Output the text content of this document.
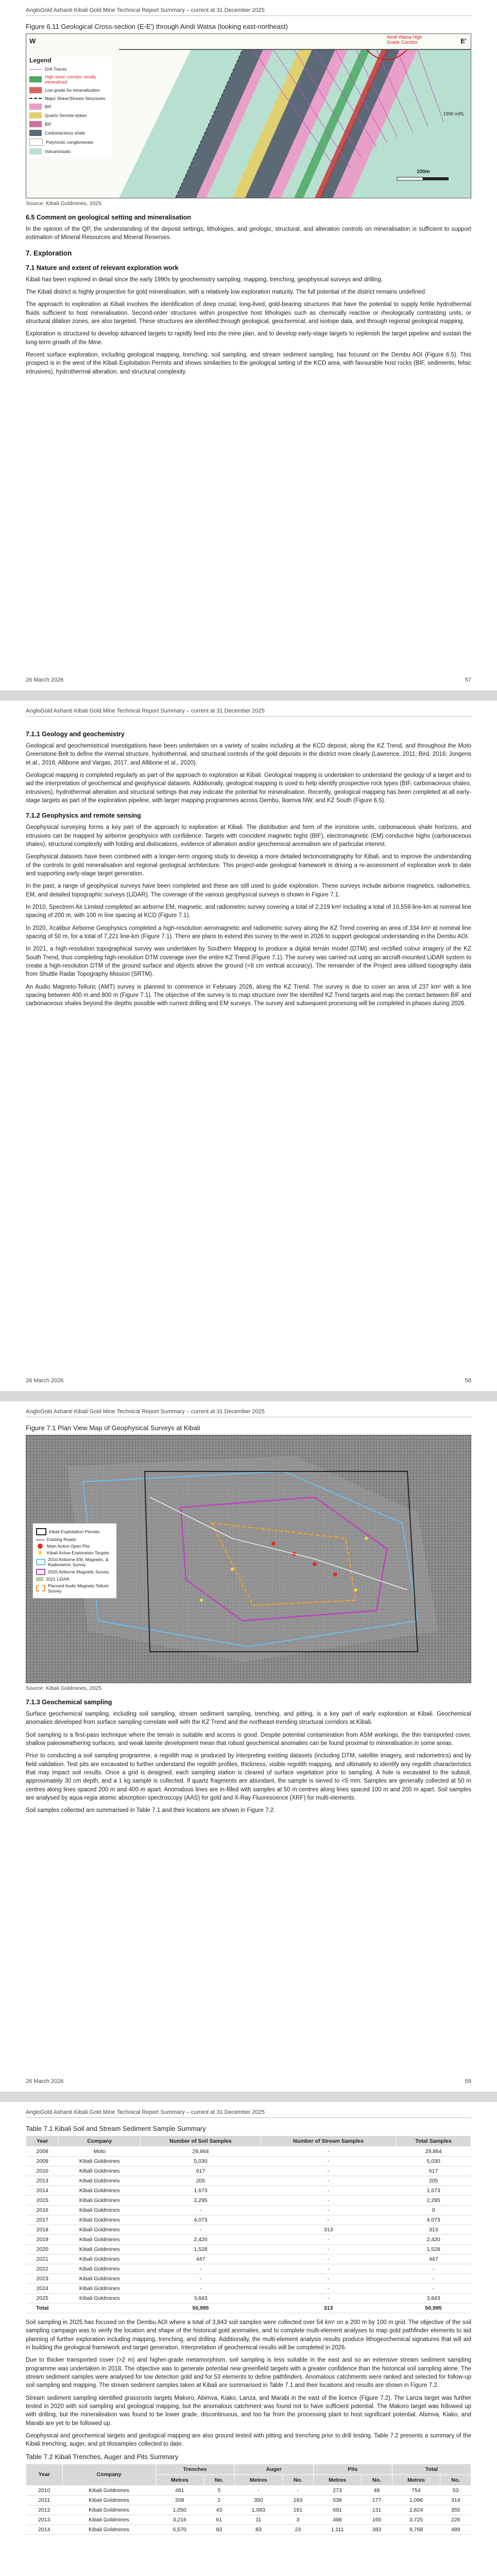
AngloGold Ashanti Kibali Gold Mine Technical Report Summary – current at 31 December 2025
Figure 6.11 Geological Cross-section (E-E') through Aindi Watsa (looking east-northeast)
W	E'
Aindi Watsa High Grade Corridor
1990 mRL
100m
Legend
Drill Traces
High strain corridor, locally mineralized
Low grade Au mineralization
Major Shear/Stream Structures
BIF
Quartz-Sericite dykes
BIF
Carbonaceous shale
Polymictic conglomerate
Volcaniclastic
Source: Kibali Goldmines, 2025
6.5 Comment on geological setting and mineralisation

In the opinion of the QP, the understanding of the deposit settings, lithologies, and geologic, structural, and alteration controls on mineralisation is sufficient to support estimation of Mineral Resources and Mineral Reserves.

7. Exploration
7.1 Nature and extent of relevant exploration work

Kibali has been explored in detail since the early 1990s by geochemistry sampling, mapping, trenching, geophysical surveys and drilling.

The Kibali district is highly prospective for gold mineralisation, with a relatively low exploration maturity. The full potential of the district remains undefined.

The approach to exploration at Kibali involves the identification of deep crustal, long-lived, gold-bearing structures that have the potential to supply fertile hydrothermal fluids sufficient to host mineralisation. Second-order structures within prospective host lithologies such as chemically reactive or rheologically contrasting units, or structural dilation zones, are also targeted. These structures are identified through geological, geochemical, and isotope data, and through regional geological mapping.

Exploration is structured to develop advanced targets to rapidly feed into the mine plan, and to develop early-stage targets to replenish the target pipeline and sustain the long-term growth of the Mine.

Recent surface exploration, including geological mapping, trenching, soil sampling, and stream sediment sampling, has focused on the Dembu AOI (Figure 6.5). This prospect is in the west of the Kibali Exploitation Permits and shows similarities to the geological setting of the KCD area, with favourable host rocks (BIF, sediments, felsic intrusives), hydrothermal alteration, and structural complexity.

26 March 2026	57
AngloGold Ashanti Kibali Gold Mine Technical Report Summary – current at 31 December 2025
7.1.1 Geology and geochemistry

Geological and geochemistrical investigations have been undertaken on a variety of scales including at the KCD deposit, along the KZ Trend, and throughout the Moto Greenstone Belt to define the internal structure, hydrothermal, and structural controls of the gold deposits in the district more clearly (Lawrence, 2011; Bird, 2016; Jongens et al., 2016; Allibone and Vargas, 2017, and Allibone et al., 2020).

Geological mapping is completed regularly as part of the approach to exploration at Kibali. Geological mapping is undertaken to understand the geology of a target and to aid the interpretation of geochemical and geophysical datasets. Additionally, geological mapping is used to help identify prospective rock types (BIF, carbonaceous shales, intrusives), hydrothermal alteration and structural settings that may indicate the potential for mineralisation. Recently, geological mapping has been completed at all early-stage targets as part of the exploration pipeline, with larger mapping programmes across Dembu, Ikamva NW, and KZ South (Figure 6.5).

7.1.2 Geophysics and remote sensing

Geophysical surveying forms a key part of the approach to exploration at Kibali. The distribution and form of the ironstone units, carbonaceous shale horizons, and intrusives can be mapped by airborne geophysics with confidence. Targets with coincident magnetic highs (BIF), electromagnetic (EM) conductive highs (carbonaceous shales), structural complexity with folding and dislocations, evidence of alteration and/or geochemical anomalism are of particular interest.

Geophysical datasets have been combined with a longer-term ongoing study to develop a more detailed tectonostratigraphy for Kibali, and to improve the understanding of the controls to gold mineralisation and regional geological architecture. This project-wide geological framework is driving a re-assessment of exploration work to date and supporting early-stage target generation.

In the past, a range of geophysical surveys have been completed and these are still used to guide exploration. These surveys include airborne magnetics, radiometrics, EM, and detailed topographic surveys (LiDAR). The coverage of the various geophysical surveys is shown in Figure 7.1.

In 2010, Spectrem Air Limited completed an airborne EM, magnetic, and radiometric survey covering a total of 2,219 km² including a total of 10,559 line-km at nominal line spacing of 200 m, with 100 m line spacing at KCD (Figure 7.1).

In 2020, Xcalibur Airborne Geophysics completed a high-resolution aeromagnetic and radiometric survey along the KZ Trend covering an area of 334 km² at nominal line spacing of 50 m, for a total of 7,221 line-km (Figure 7.1). There are plans to extend this survey to the west in 2026 to support geological understanding in the Dembu AOI.

In 2021, a high-resolution topographical survey was undertaken by Southern Mapping to produce a digital terrain model (DTM) and rectified colour imagery of the KZ South Trend, thus completing high-resolution DTM coverage over the entire KZ Trend (Figure 7.1). The survey was carried out using an aircraft-mounted LiDAR system to create a high-resolution DTM of the ground surface and objects above the ground (<6 cm vertical accuracy). The remainder of the Project area utilised topography data from Shuttle Radar Topography Mission (SRTM).

An Audio Magneto-Telluric (AMT) survey is planned to commence in February 2026, along the KZ Trend. The survey is due to cover an area of 237 km² with a line spacing between 400 m and 800 m (Figure 7.1). The objective of the survey is to map structure over the identified KZ Trend targets and map the contact between BIF and carbonaceous shales beyond the depths possible with current drilling and EM surveys. The survey and subsequent processing will be completed in phases during 2026.

26 March 2026	58
AngloGold Ashanti Kibali Gold Mine Technical Report Summary – current at 31 December 2025
Figure 7.1 Plan View Map of Geophysical Surveys at Kibali
Kibali Exploitation Permits
Existing Roads
Main Active Open Pits
Kibali Active Exploration Targets
2010 Airborne EM, Magnetic, & Radiometric Survey
2020 Airborne Magnetic Survey
2021 LiDAR
Planned Audio Magneto Telluric Survey
Source: Kibali Goldmines, 2025
7.1.3 Geochemical sampling

Surface geochemical sampling, including soil sampling, stream sediment sampling, trenching, and pitting, is a key part of early exploration at Kibali. Geochemical anomalies developed from surface sampling correlate well with the KZ Trend and the northeast-trending structural corridors at Kibali.

Soil sampling is a first-pass technique where the terrain is suitable and access is good. Despite potential contamination from ASM workings, the thin transported cover, shallow paleoweathering surfaces, and weak laterite development mean that robust geochemical anomalies can be found proximal to mineralisation in some areas.

Prior to conducting a soil sampling programme, a regolith map is produced by interpreting existing datasets (including DTM, satellite imagery, and radiometrics) and by field validation. Test pits are excavated to further understand the regolith profiles, thickness, visible regolith mapping, and ultimately to identify any regolith characteristics that may impact soil results. Once a grid is designed, each sampling station is cleared of surface vegetation prior to sampling. A hole is excavated to the subsoil, approximately 30 cm depth, and a 1 kg sample is collected. If quartz fragments are abundant, the sample is sieved to <5 mm. Samples are generally collected at 50 m centres along lines spaced 200 m and 400 m apart. Anomalous lines are in-filled with samples at 50 m centres along lines spaced 100 m and 200 m apart. Soil samples are analysed by aqua-regia atomic absorption spectroscopy (AAS) for gold and X-Ray Fluorescence (XRF) for multi-elements.

Soil samples collected are summarised in Table 7.1 and their locations are shown in Figure 7.2.

26 March 2026	59
AngloGold Ashanti Kibali Gold Mine Technical Report Summary – current at 31 December 2025
Table 7.1 Kibali Soil and Stream Sediment Sample Summary
Year	Company	Number of Soil Samples	Number of Stream Samples	Total Samples
2008	Moto	29,864	-	29,864
2009	Kibali Goldmines	5,030	-	5,030
2010	Kibali Goldmines	617	-	617
2013	Kibali Goldmines	205	-	205
2014	Kibali Goldmines	1,673	-	1,673
2015	Kibali Goldmines	2,295	-	2,295
2016	Kibali Goldmines	-	-	0
2017	Kibali Goldmines	4,073	-	4,073
2018	Kibali Goldmines	-	313	313
2019	Kibali Goldmines	2,420	-	2,420
2020	Kibali Goldmines	1,528	-	1,528
2021	Kibali Goldmines	447	-	447
2022	Kibali Goldmines	-	-	-
2023	Kibali Goldmines	-	-	-
2024	Kibali Goldmines	-	-	-
2025	Kibali Goldmines	3,843	-	3,843
Total		50,995	313	50,995

Soil sampling in 2025 has focused on the Dembu AOI where a total of 3,843 soil samples were collected over 54 km² on a 200 m by 100 m grid. The objective of the soil sampling campaign was to verify the location and shape of the historical gold anomalies, and to complete multi-element analyses to map gold pathfinder elements to aid planning of further exploration including mapping, trenching, and drilling. Additionally, the multi-element analysis results produce lithogeochemical signatures that will aid in building the geological framework and target generation. Interpretation of geochemical results will be completed in 2026.

Due to thicker transported cover (>2 m) and higher-grade metamorphism, soil sampling is less suitable in the east and so an extensive stream sediment sampling programme was undertaken in 2018. The objective was to generate potential new greenfield targets with a greater confidence than the historical soil sampling alone. The stream sediment samples were analysed for low detection gold and for 53 elements to define pathfinders. Anomalous catchments were ranked and selected for follow-up soil sampling and mapping. The stream sediment samples taken at Kibali are summarised in Table 7.1 and their locations and results are shown in Figure 7.2.

Stream sediment sampling identified grassroots targets Makoro, Abimva, Kiako, Lanza, and Marabi in the east of the licence (Figure 7.2). The Lanza target was further tested in 2020 with soil sampling and geological mapping, but the anomalous catchment was found not to have sufficient potential. The Makoro target was followed up with drilling, but the mineralisation was found to be lower grade, discontinuous, and too far from the processing plant to host significant potential. Abimva, Kiako, and Marabi are yet to be followed up.

Geophysical and geochemical targets and geological mapping are also ground tested with pitting and trenching prior to drill testing. Table 7.2 presents a summary of the Kibali trenching, auger, and pit tilosamples collected to date.

Table 7.2 Kibali Trenches, Auger and Pits Summary
Year	Company	Trenches		Auger		Pits		Total	
		Metres	No.	Metres	No.	Metres	No.	Metres	No.
2010	Kibali Goldmines	481	5	-	-	273	48	754	53
2011	Kibali Goldmines	208	2	350	183	538	177	1,096	314
2012	Kibali Goldmines	1,050	43	1,083	181	691	131	2,824	355
2013	Kibali Goldmines	3,216	61	11	3	498	165	3,725	228
2014	Kibali Goldmines	6,570	83	83	23	1,111	383	9,768	489
